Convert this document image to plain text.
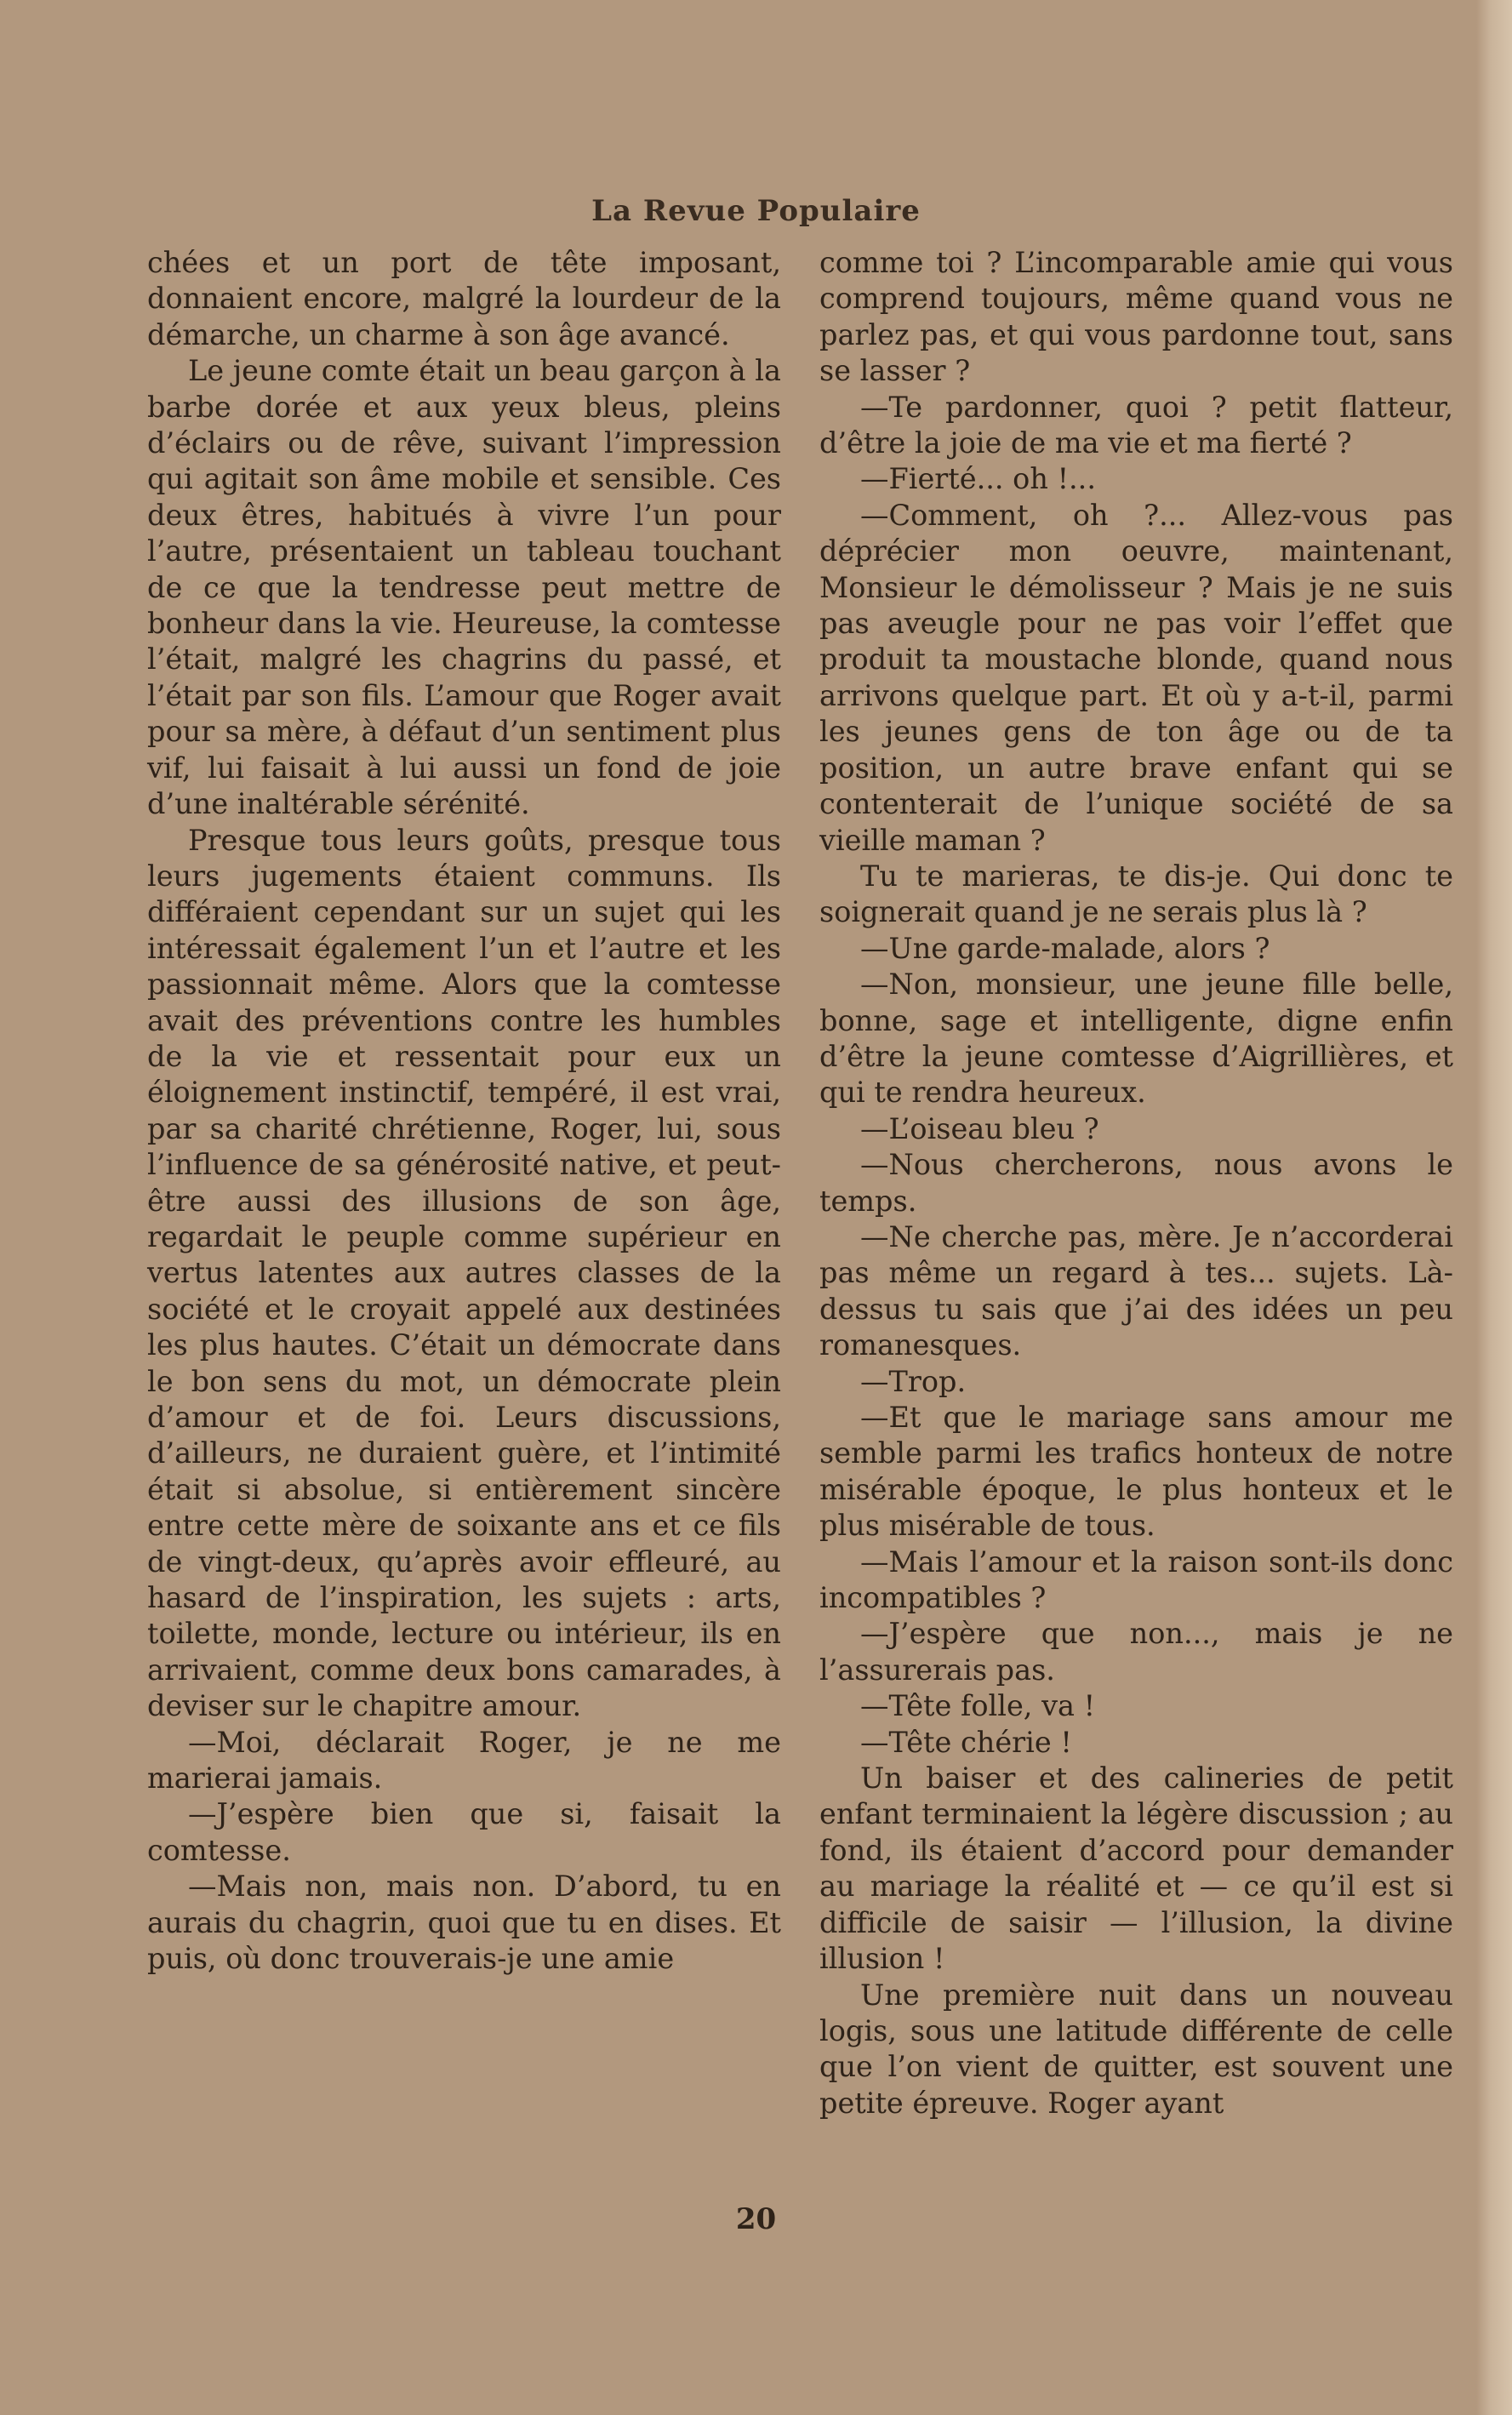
La Revue Populaire

chées et un port de tête imposant, donnaient encore, malgré la lourdeur de la démarche, un charme à son âge avancé.

Le jeune comte était un beau garçon à la barbe dorée et aux yeux bleus, pleins d’éclairs ou de rêve, suivant l’impression qui agitait son âme mobile et sensible. Ces deux êtres, habitués à vivre l’un pour l’autre, présentaient un tableau touchant de ce que la tendresse peut mettre de bonheur dans la vie. Heureuse, la comtesse l’était, malgré les chagrins du passé, et l’était par son fils. L’amour que Roger avait pour sa mère, à défaut d’un sentiment plus vif, lui faisait à lui aussi un fond de joie d’une inaltérable sérénité.

Presque tous leurs goûts, presque tous leurs jugements étaient communs. Ils différaient cependant sur un sujet qui les intéressait également l’un et l’autre et les passionnait même. Alors que la comtesse avait des préventions contre les humbles de la vie et ressentait pour eux un éloignement instinctif, tempéré, il est vrai, par sa charité chrétienne, Roger, lui, sous l’influence de sa générosité native, et peut-être aussi des illusions de son âge, regardait le peuple comme supérieur en vertus latentes aux autres classes de la société et le croyait appelé aux destinées les plus hautes. C’était un démocrate dans le bon sens du mot, un démocrate plein d’amour et de foi. Leurs discussions, d’ailleurs, ne duraient guère, et l’intimité était si absolue, si entièrement sincère entre cette mère de soixante ans et ce fils de vingt-deux, qu’après avoir effleuré, au hasard de l’inspiration, les sujets : arts, toilette, monde, lecture ou intérieur, ils en arrivaient, comme deux bons camarades, à deviser sur le chapitre amour.

—Moi, déclarait Roger, je ne me marierai jamais.

—J’espère bien que si, faisait la comtesse.

—Mais non, mais non. D’abord, tu en aurais du chagrin, quoi que tu en dises. Et puis, où donc trouverais-je une amie

comme toi ? L’incomparable amie qui vous comprend toujours, même quand vous ne parlez pas, et qui vous pardonne tout, sans se lasser ?

—Te pardonner, quoi ? petit flatteur, d’être la joie de ma vie et ma fierté ?

—Fierté... oh !...

—Comment, oh ?... Allez-vous pas déprécier mon oeuvre, maintenant, Monsieur le démolisseur ? Mais je ne suis pas aveugle pour ne pas voir l’effet que produit ta moustache blonde, quand nous arrivons quelque part. Et où y a-t-il, parmi les jeunes gens de ton âge ou de ta position, un autre brave enfant qui se contenterait de l’unique société de sa vieille maman ?

Tu te marieras, te dis-je. Qui donc te soignerait quand je ne serais plus là ?

—Une garde-malade, alors ?

—Non, monsieur, une jeune fille belle, bonne, sage et intelligente, digne enfin d’être la jeune comtesse d’Aigrillières, et qui te rendra heureux.

—L’oiseau bleu ?

—Nous chercherons, nous avons le temps.

—Ne cherche pas, mère. Je n’accorderai pas même un regard à tes... sujets. Là-dessus tu sais que j’ai des idées un peu romanesques.

—Trop.

—Et que le mariage sans amour me semble parmi les trafics honteux de notre misérable époque, le plus honteux et le plus misérable de tous.

—Mais l’amour et la raison sont-ils donc incompatibles ?

—J’espère que non..., mais je ne l’assurerais pas.

—Tête folle, va !

—Tête chérie !

Un baiser et des calineries de petit enfant terminaient la légère discussion ; au fond, ils étaient d’accord pour demander au mariage la réalité et — ce qu’il est si difficile de saisir — l’illusion, la divine illusion !

Une première nuit dans un nouveau logis, sous une latitude différente de celle que l’on vient de quitter, est souvent une petite épreuve. Roger ayant

20
